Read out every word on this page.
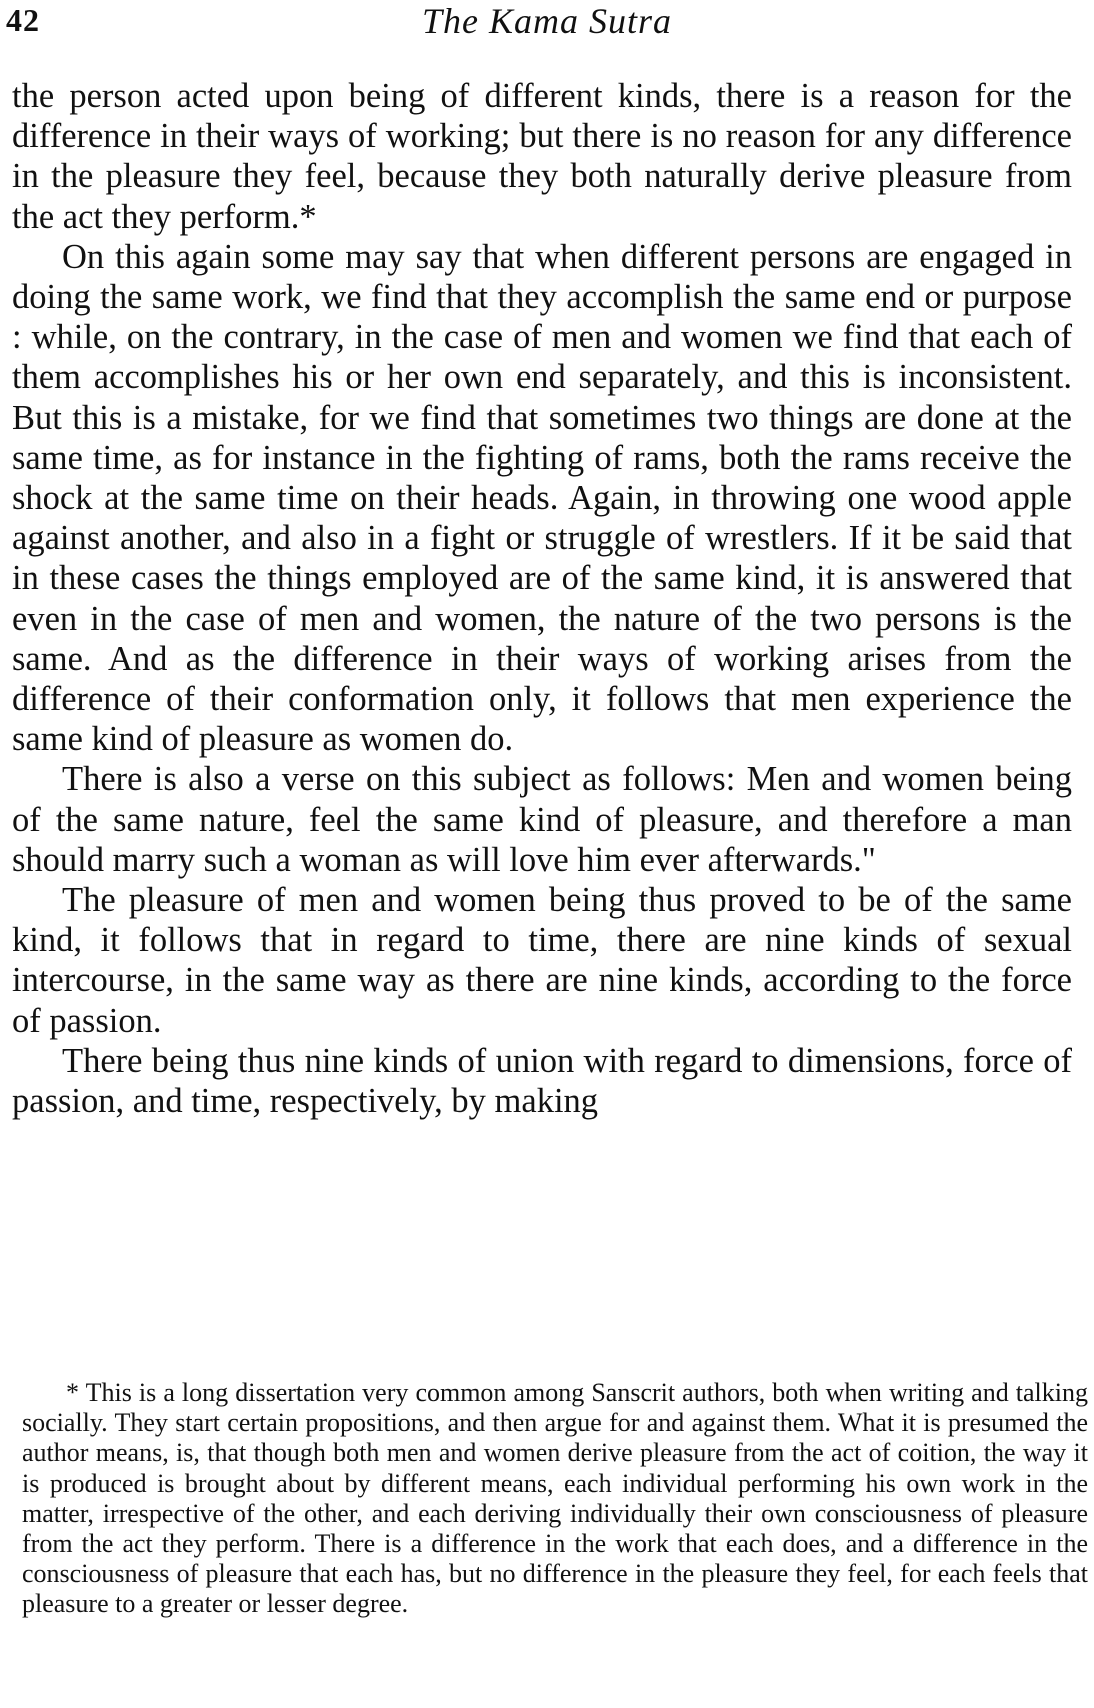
42	The Kama Sutra

the person acted upon being of different kinds, there is a reason for the difference in their ways of working; but there is no reason for any difference in the pleasure they feel, because they both naturally derive pleasure from the act they perform.*

On this again some may say that when different persons are engaged in doing the same work, we find that they accomplish the same end or purpose : while, on the contrary, in the case of men and women we find that each of them accomplishes his or her own end separately, and this is inconsistent. But this is a mistake, for we find that sometimes two things are done at the same time, as for instance in the fighting of rams, both the rams receive the shock at the same time on their heads. Again, in throwing one wood apple against another, and also in a fight or struggle of wrestlers. If it be said that in these cases the things employed are of the same kind, it is answered that even in the case of men and women, the nature of the two persons is the same. And as the difference in their ways of working arises from the difference of their conformation only, it follows that men experience the same kind of pleasure as women do.

There is also a verse on this subject as follows: Men and women being of the same nature, feel the same kind of pleasure, and therefore a man should marry such a woman as will love him ever afterwards."

The pleasure of men and women being thus proved to be of the same kind, it follows that in regard to time, there are nine kinds of sexual intercourse, in the same way as there are nine kinds, according to the force of passion.

There being thus nine kinds of union with regard to dimensions, force of passion, and time, respectively, by making

* This is a long dissertation very common among Sanscrit authors, both when writing and talking socially. They start certain propositions, and then argue for and against them. What it is presumed the author means, is, that though both men and women derive pleasure from the act of coition, the way it is produced is brought about by different means, each individual performing his own work in the matter, irrespective of the other, and each deriving individually their own consciousness of pleasure from the act they perform. There is a difference in the work that each does, and a difference in the consciousness of pleasure that each has, but no difference in the pleasure they feel, for each feels that pleasure to a greater or lesser degree.
